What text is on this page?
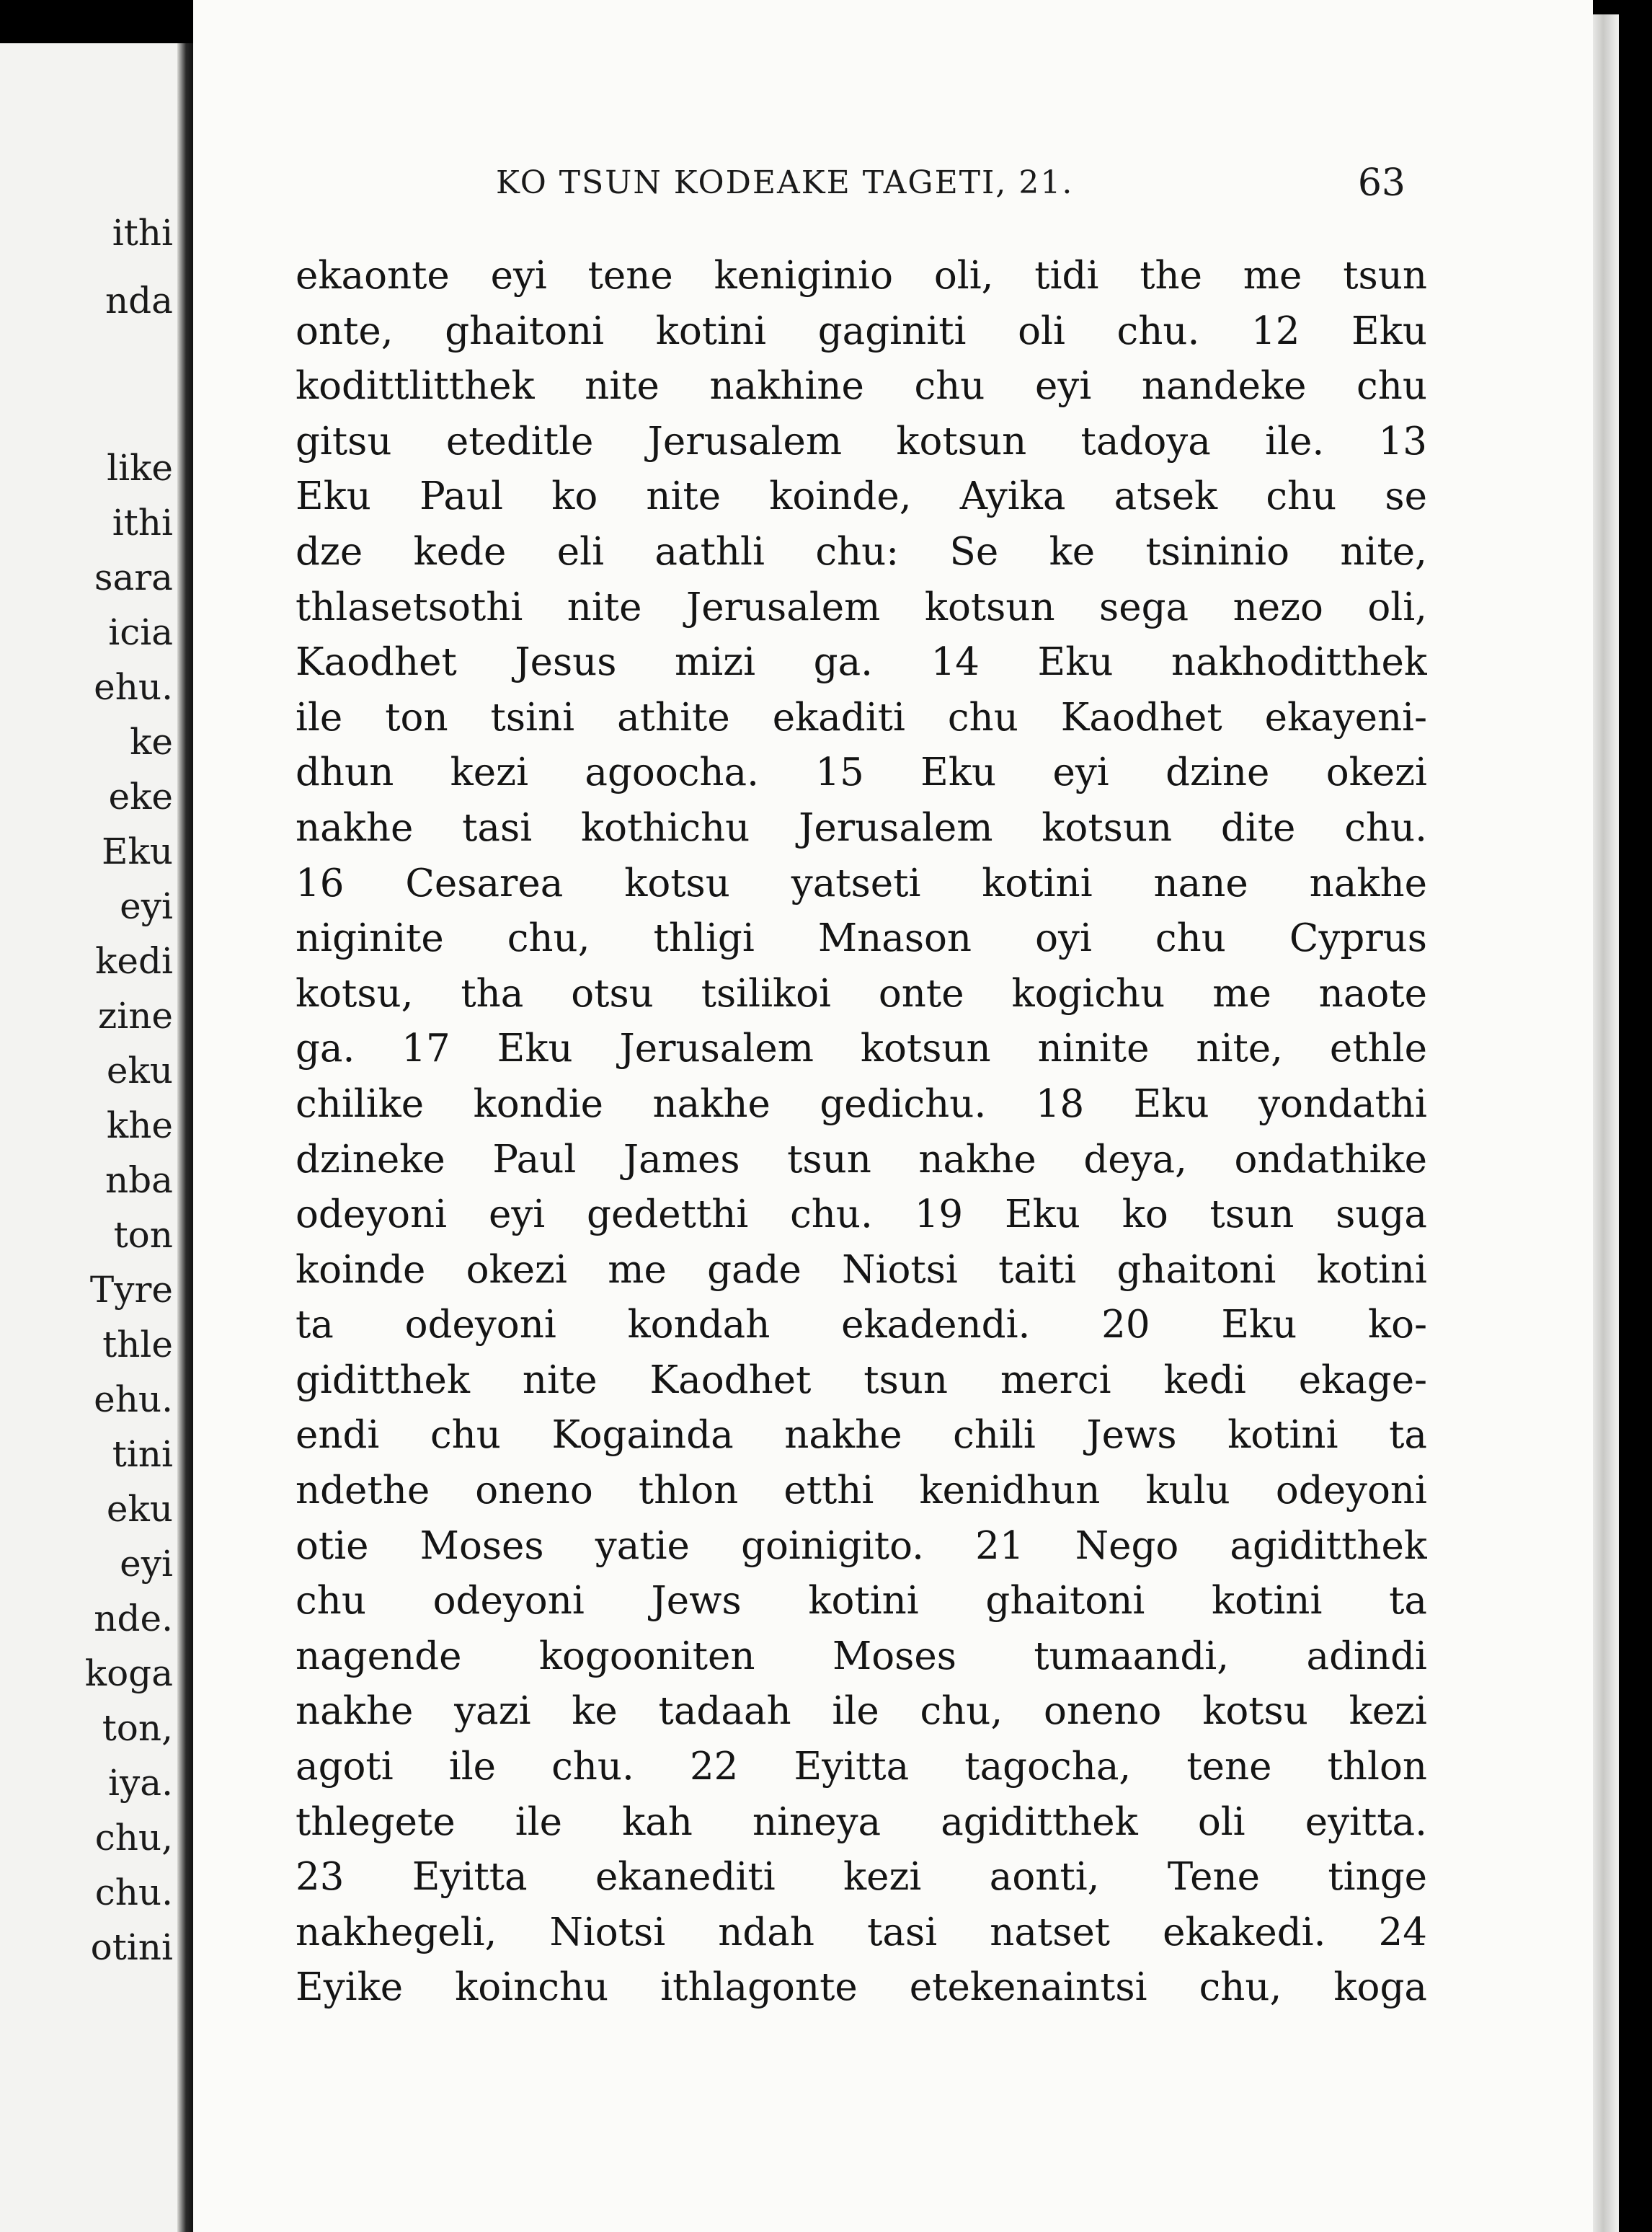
ithi
nda
like
ithi
sara
icia
ehu.
ke
eke
Eku
eyi
kedi
zine
eku
khe
nba
ton
Tyre
thle
ehu.
tini
eku
eyi
nde.
koga
ton,
iya.
chu,
chu.
otini
KO TSUN KODEAKE TAGETI, 21.	63
ekaonte eyi tene keniginio oli, tidi the me tsun
onte, ghaitoni kotini gaginiti oli chu. 12 Eku
kodittlitthek nite nakhine chu eyi nandeke chu
gitsu eteditle Jerusalem kotsun tadoya ile. 13
Eku Paul ko nite koinde, Ayika atsek chu se
dze kede eli aathli chu: Se ke tsininio nite,
thlasetsothi nite Jerusalem kotsun sega nezo oli,
Kaodhet Jesus mizi ga. 14 Eku nakhoditthek
ile ton tsini athite ekaditi chu Kaodhet ekayeni-
dhun kezi agoocha. 15 Eku eyi dzine okezi
nakhe tasi kothichu Jerusalem kotsun dite chu.
16 Cesarea kotsu yatseti kotini nane nakhe
niginite chu, thligi Mnason oyi chu Cyprus
kotsu, tha otsu tsilikoi onte kogichu me naote
ga. 17 Eku Jerusalem kotsun ninite nite, ethle
chilike kondie nakhe gedichu. 18 Eku yondathi
dzineke Paul James tsun nakhe deya, ondathike
odeyoni eyi gedetthi chu. 19 Eku ko tsun suga
koinde okezi me gade Niotsi taiti ghaitoni kotini
ta odeyoni kondah ekadendi. 20 Eku ko-
giditthek nite Kaodhet tsun merci kedi ekage-
endi chu Kogainda nakhe chili Jews kotini ta
ndethe oneno thlon etthi kenidhun kulu odeyoni
otie Moses yatie goinigito. 21 Nego agiditthek
chu odeyoni Jews kotini ghaitoni kotini ta
nagende kogooniten Moses tumaandi, adindi
nakhe yazi ke tadaah ile chu, oneno kotsu kezi
agoti ile chu. 22 Eyitta tagocha, tene thlon
thlegete ile kah nineya agiditthek oli eyitta.
23 Eyitta ekanediti kezi aonti, Tene tinge
nakhegeli, Niotsi ndah tasi natset ekakedi. 24
Eyike koinchu ithlagonte etekenaintsi chu, koga
